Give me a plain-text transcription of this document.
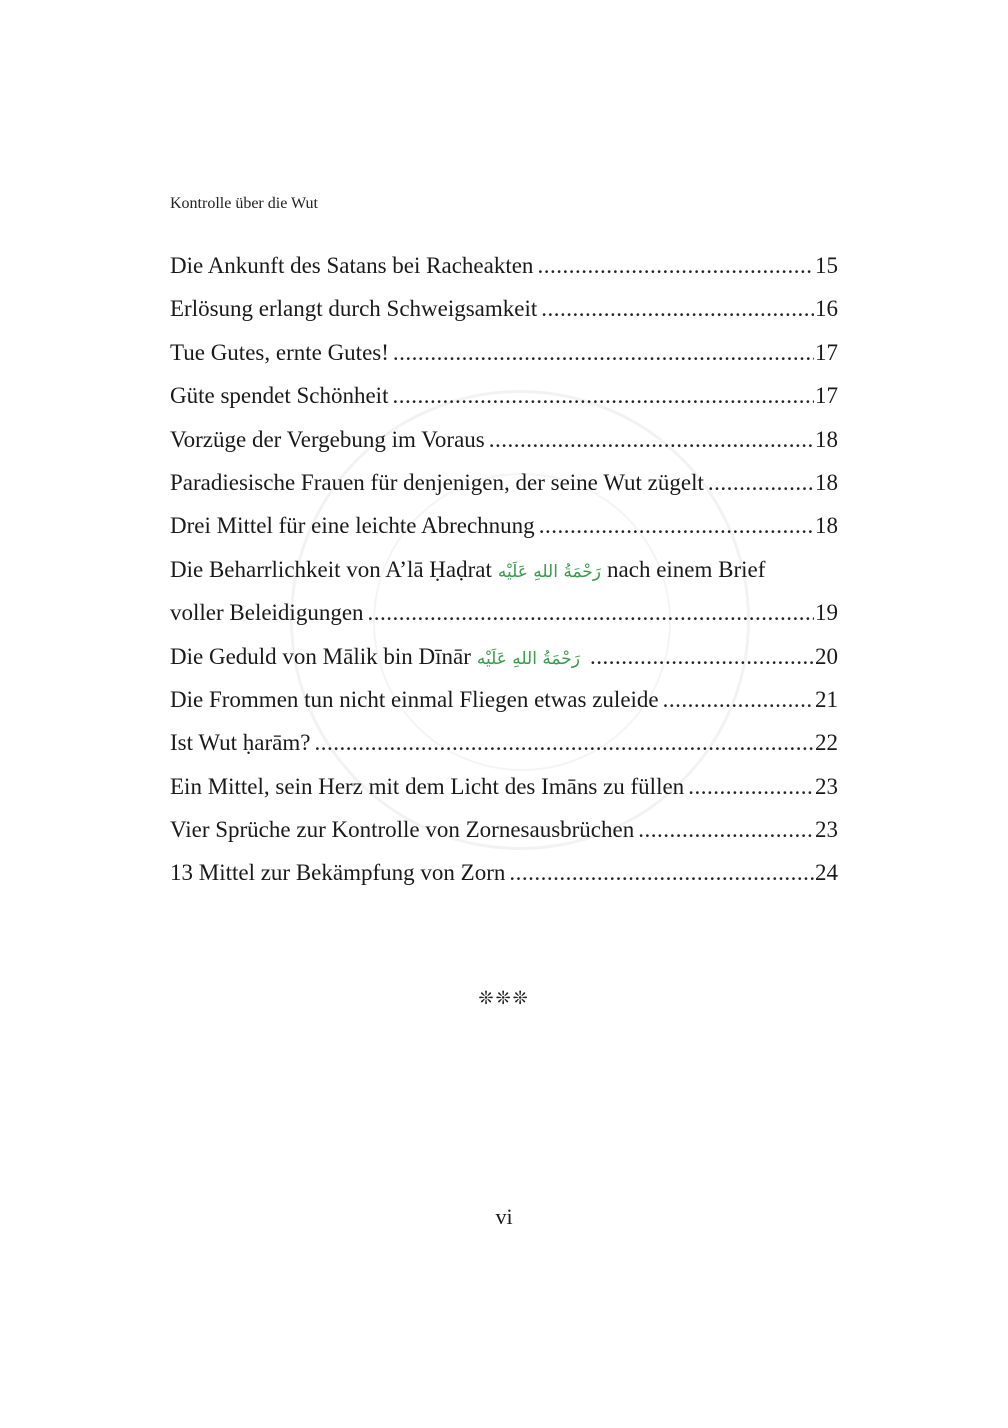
Kontrolle über die Wut
Die Ankunft des Satans bei Racheakten .....	15
Erlösung erlangt durch Schweigsamkeit .....	16
Tue Gutes, ernte Gutes! .....	17
Güte spendet Schönheit .....	17
Vorzüge der Vergebung im Voraus .....	18
Paradiesische Frauen für denjenigen, der seine Wut zügelt .....	18
Drei Mittel für eine leichte Abrechnung .....	18
Die Beharrlichkeit von A’lā Ḥaḍrat رَحْمَةُ اللهِ عَلَيْه nach einem Brief
voller Beleidigungen .....	19
Die Geduld von Mālik bin Dīnār رَحْمَةُ اللهِ عَلَيْه .....	20
Die Frommen tun nicht einmal Fliegen etwas zuleide .....	21
Ist Wut ḥarām? .....	22
Ein Mittel, sein Herz mit dem Licht des Imāns zu füllen .....	23
Vier Sprüche zur Kontrolle von Zornesausbrüchen .....	23
13 Mittel zur Bekämpfung von Zorn .....	24
❊❊❊
vi
